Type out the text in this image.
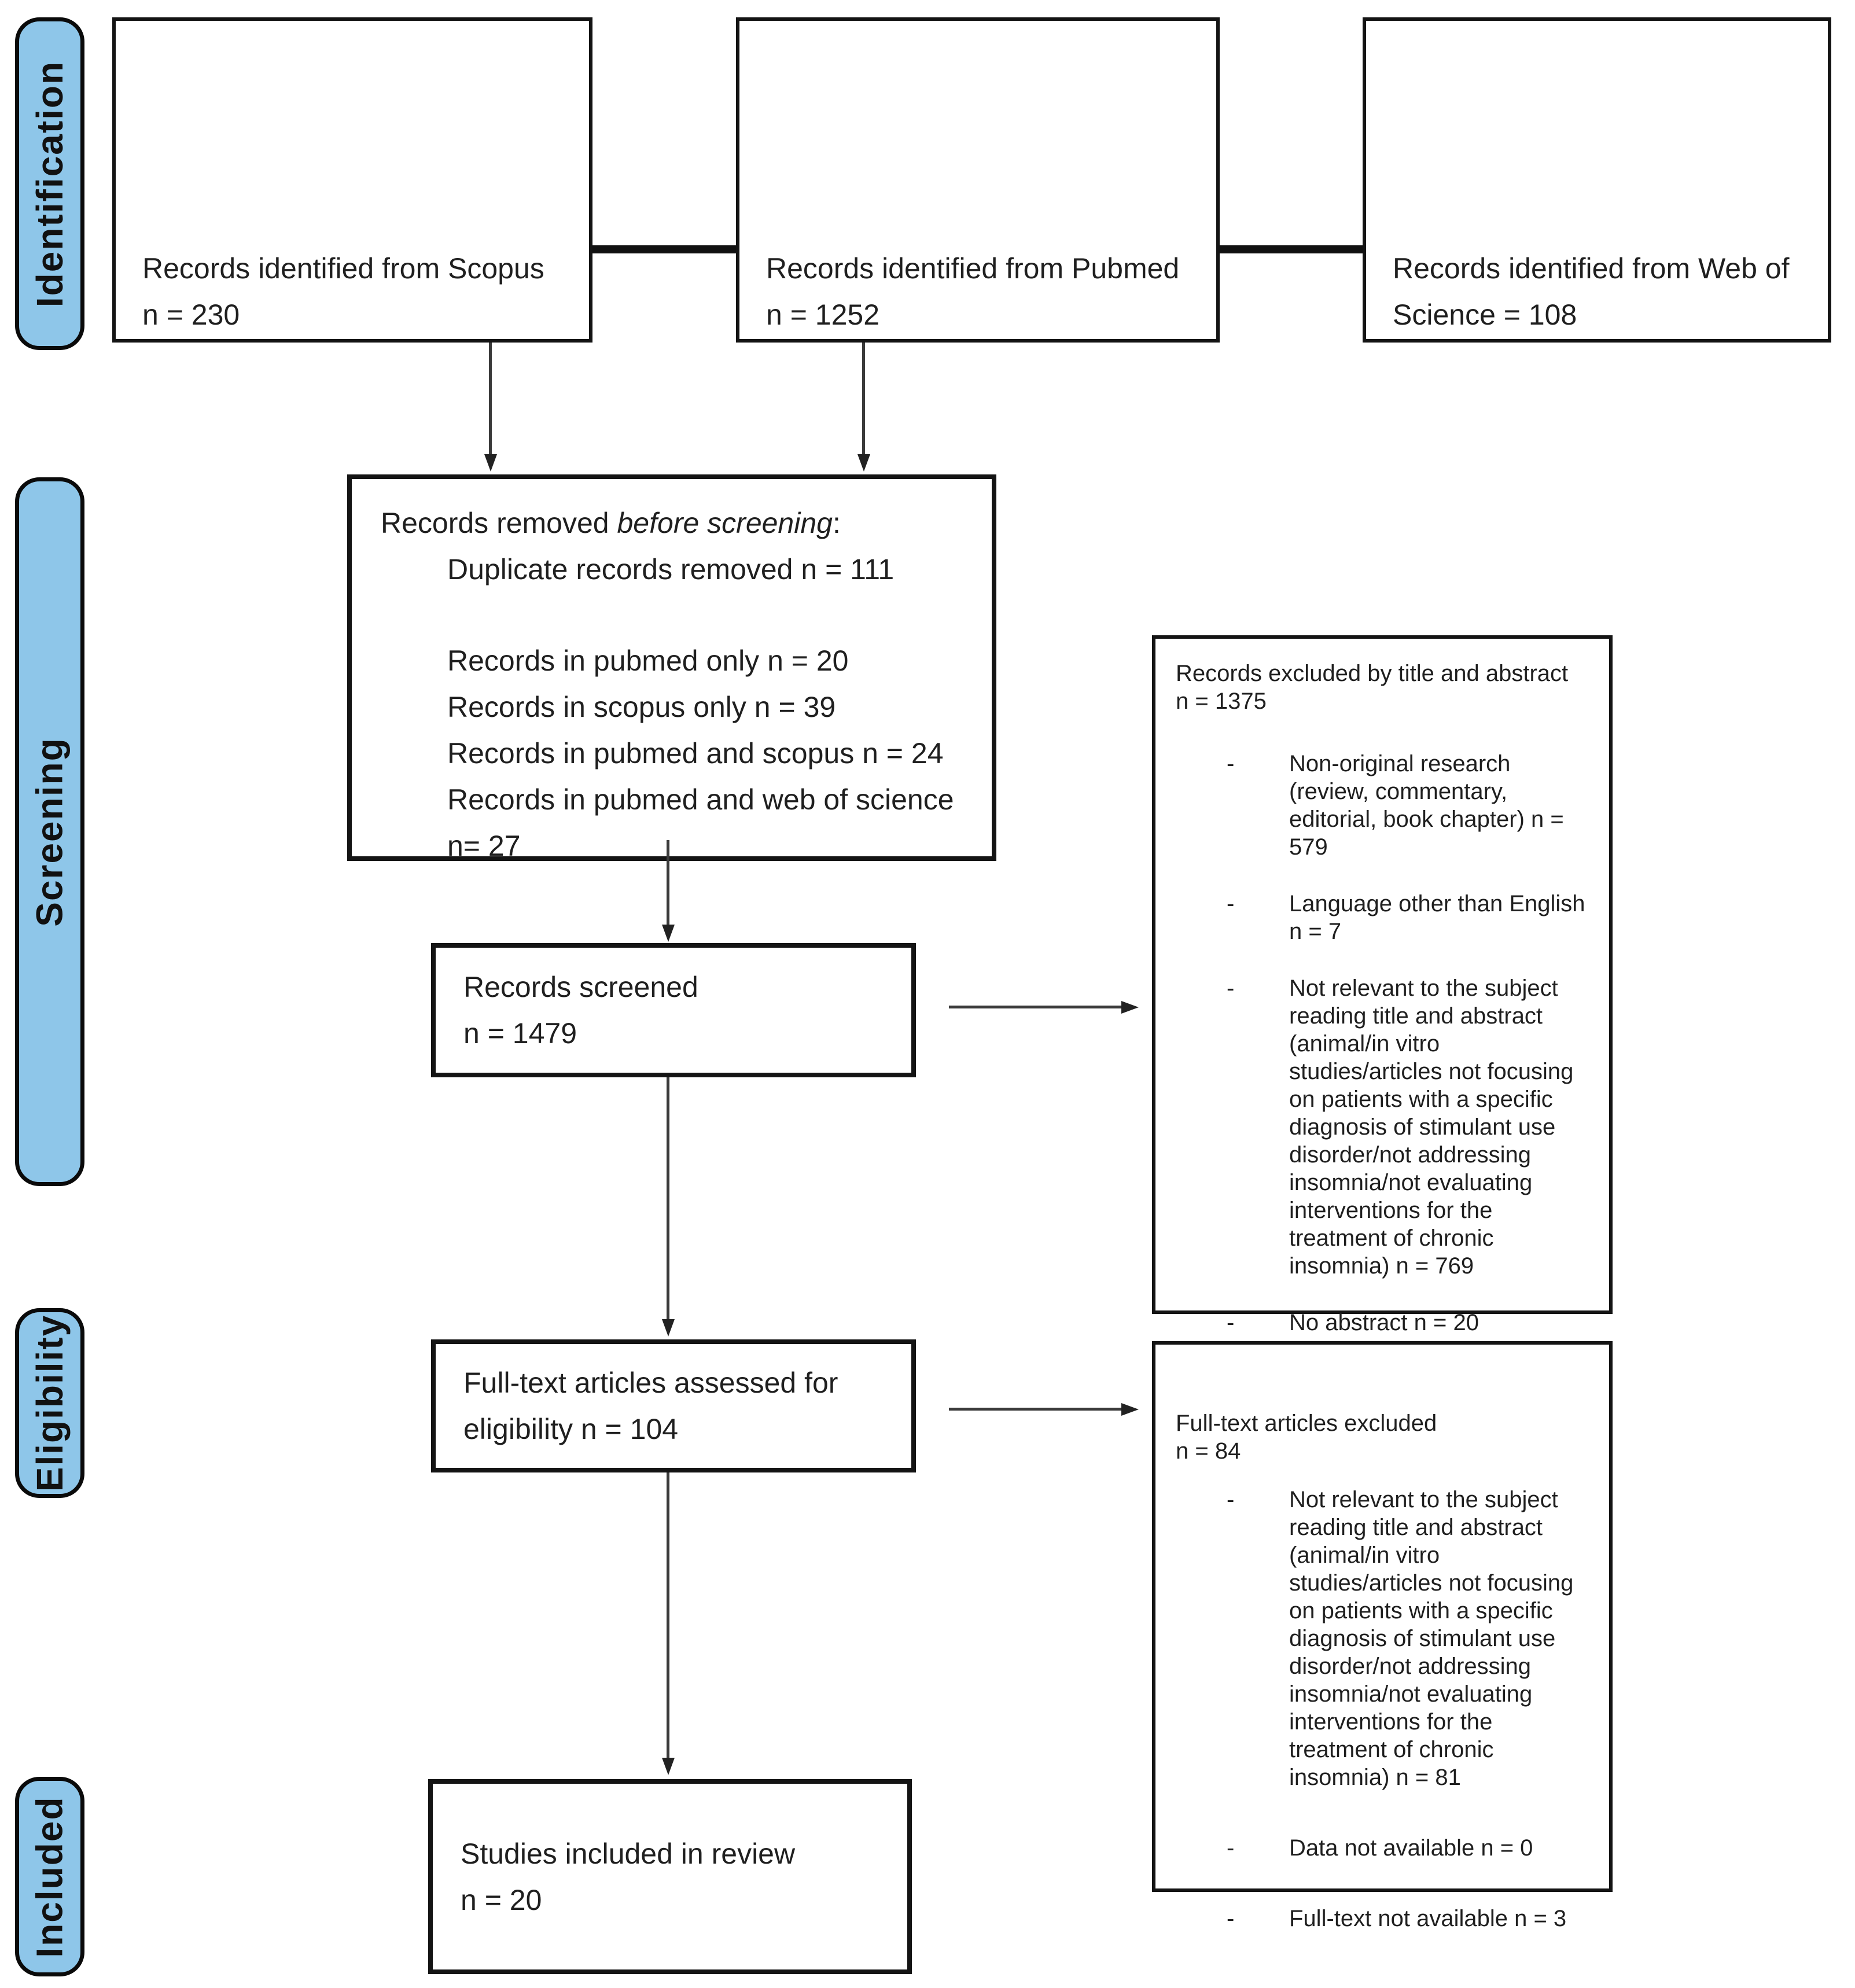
Identification
Screening
Eligibility
Included
Records identified from Scopus
n = 230
Records identified from Pubmed
n = 1252
Records identified from Web of
Science = 108

Records removed before screening:

Duplicate records removed n = 111
Records in pubmed only n = 20
Records in scopus only n = 39
Records in pubmed and scopus n = 24
Records in pubmed and web of science n= 27
Records screened
n = 1479
Records excluded by title and abstract
n = 1375
-	Non-original research (review, commentary, editorial, book chapter) n = 579
-	Language other than English n = 7
-	Not relevant to the subject reading title and abstract (animal/in vitro studies/articles not focusing on patients with a specific diagnosis of stimulant use disorder/not addressing insomnia/not evaluating interventions for the treatment of chronic insomnia) n = 769
-	No abstract n = 20
Full-text articles assessed for
eligibility n = 104	Full-text articles excluded
n = 84
-	Not relevant to the subject reading title and abstract (animal/in vitro studies/articles not focusing on patients with a specific diagnosis of stimulant use disorder/not addressing insomnia/not evaluating interventions for the treatment of chronic insomnia) n = 81
-	Data not available n = 0
-	Full-text not available n = 3
Studies included in review
n = 20
